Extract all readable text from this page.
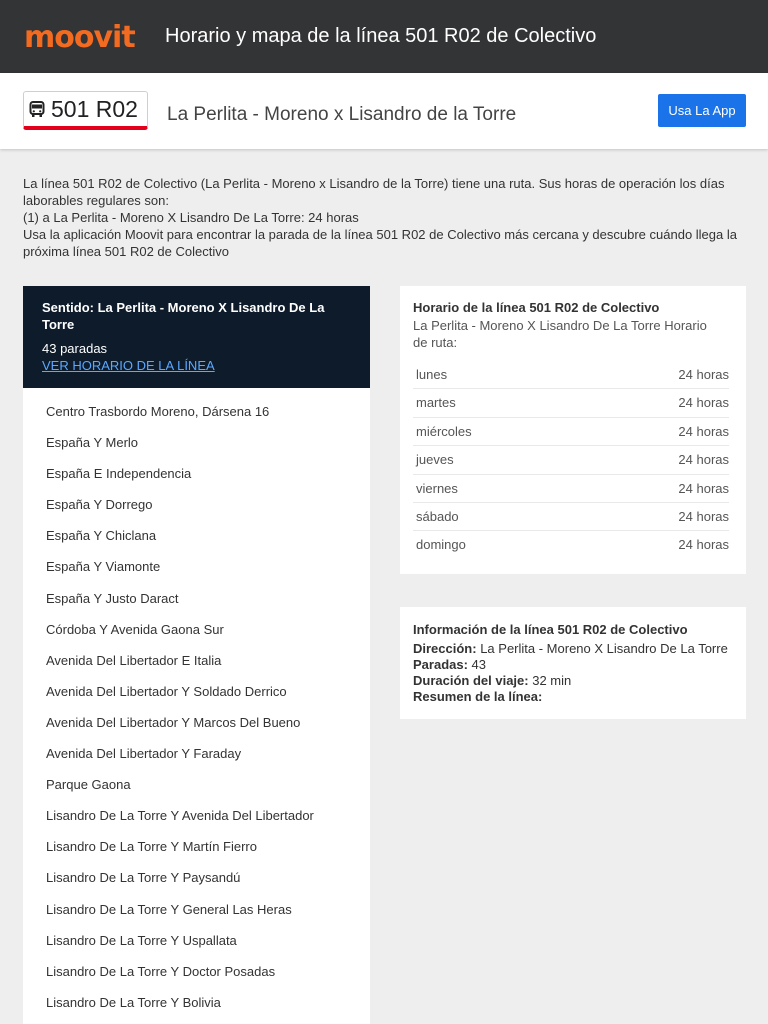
moovit Horario y mapa de la línea 501 R02 de Colectivo
501 R02 La Perlita - Moreno x Lisandro de la Torre	Usa La App

La línea 501 R02 de Colectivo (La Perlita - Moreno x Lisandro de la Torre) tiene una ruta. Sus horas de operación los días laborables regulares son:

(1) a La Perlita - Moreno X Lisandro De La Torre: 24 horas

Usa la aplicación Moovit para encontrar la parada de la línea 501 R02 de Colectivo más cercana y descubre cuándo llega la próxima línea 501 R02 de Colectivo

Sentido: La Perlita - Moreno X Lisandro De La Torre
43 paradas
VER HORARIO DE LA LÍNEA
Centro Trasbordo Moreno, Dársena 16
España Y Merlo
España E Independencia
España Y Dorrego
España Y Chiclana
España Y Viamonte
España Y Justo Daract
Córdoba Y Avenida Gaona Sur
Avenida Del Libertador E Italia
Avenida Del Libertador Y Soldado Derrico
Avenida Del Libertador Y Marcos Del Bueno
Avenida Del Libertador Y Faraday
Parque Gaona
Lisandro De La Torre Y Avenida Del Libertador
Lisandro De La Torre Y Martín Fierro
Lisandro De La Torre Y Paysandú
Lisandro De La Torre Y General Las Heras
Lisandro De La Torre Y Uspallata
Lisandro De La Torre Y Doctor Posadas
Lisandro De La Torre Y Bolivia
Horario de la línea 501 R02 de Colectivo
La Perlita - Moreno X Lisandro De La Torre Horario de ruta:
lunes	24 horas
martes	24 horas
miércoles	24 horas
jueves	24 horas
viernes	24 horas
sábado	24 horas
domingo	24 horas
Información de la línea 501 R02 de Colectivo
Dirección: La Perlita - Moreno X Lisandro De La Torre
Paradas: 43
Duración del viaje: 32 min
Resumen de la línea:
